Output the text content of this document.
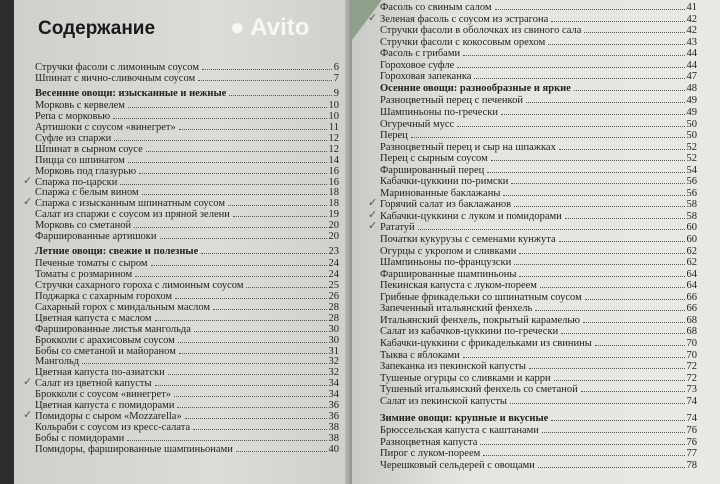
Содержание
Стручки фасоли с лимонным соусом	6
Шпинат с яично-сливочным соусом	7
Весенние овощи: изысканные и нежные	9
Морковь с кервелем	10
Репа с морковью	10
Артишоки с соусом «винегрет»	11
Суфле из спаржи	12
Шпинат в сырном соусе	12
Пицца со шпинатом	14
Морковь под глазурью	16
✓ Спаржа по-царски	16
Спаржа с белым вином	18
✓ Спаржа с изысканным шпинатным соусом	18
Салат из спаржи с соусом из пряной зелени	19
Морковь со сметаной	20
Фаршированные артишоки	20
Летние овощи: свежие и полезные	23
Печеные томаты с сыром	24
Томаты с розмарином	24
Стручки сахарного гороха с лимонным соусом	25
Поджарка с сахарным горохом	26
Сахарный горох с миндальным маслом	28
Цветная капуста с маслом	28
Фаршированные листья мангольда	30
Брокколи с арахисовым соусом	30
Бобы со сметаной и майораном	31
Мангольд	32
Цветная капуста по-азиатски	32
✓ Салат из цветной капусты	34
Брокколи с соусом «винегрет»	34
Цветная капуста с помидорами	36
✓ Помидоры с сыром «Mozzarella»	36
Кольраби с соусом из кресс-салата	38
Бобы с помидорами	38
Помидоры, фаршированные шампиньонами	40
Фасоль со свиным салом	41
✓ Зеленая фасоль с соусом из эстрагона	42
Стручки фасоли в оболочках из свиного сала	42
Стручки фасоли с кокосовым орехом	43
Фасоль с грибами	44
Гороховое суфле	44
Гороховая запеканка	47
Осенние овощи: разнообразные и яркие	48
Разноцветный перец с печенкой	49
Шампиньоны по-гречески	49
Огуречный мусс	50
Перец	50
Разноцветный перец и сыр на шпажках	52
Перец с сырным соусом	52
Фаршированный перец	54
Кабачки-цуккини по-римски	56
Маринованные баклажаны	56
✓ Горячий салат из баклажанов	58
✓ Кабачки-цуккини с луком и помидорами	58
✓ Рататуй	60
Початки кукурузы с семенами кунжута	60
Огурцы с укропом и сливками	62
Шампиньоны по-французски	62
Фаршированные шампиньоны	64
Пекинская капуста с луком-пореем	64
Грибные фрикадельки со шпинатным соусом	66
Запеченный итальянский фенхель	66
Итальянский фенхель, покрытый карамелью	68
Салат из кабачков-цуккини по-гречески	68
Кабачки-цуккини с фрикадельками из свинины	70
Тыква с яблоками	70
Запеканка из пекинской капусты	72
Тушеные огурцы со сливками и карри	72
Тушеный итальянский фенхель со сметаной	73
Салат из пекинской капусты	74
Зимние овощи: крупные и вкусные	74
Брюссельская капуста с каштанами	76
Разноцветная капуста	76
Пирог с луком-пореем	77
Черешковый сельдерей с овощами	78
● Avito
